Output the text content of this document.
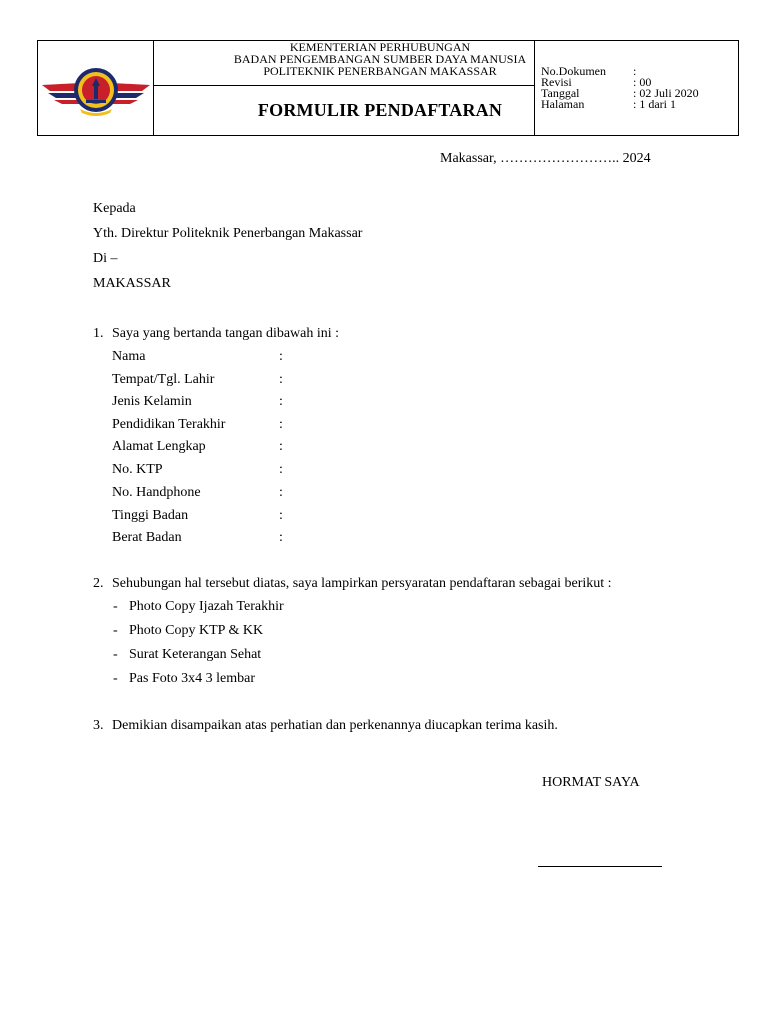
KEMENTERIAN PERHUBUNGAN
BADAN PENGEMBANGAN SUMBER DAYA MANUSIA
POLITEKNIK PENERBANGAN MAKASSAR
FORMULIR PENDAFTARAN
No.Dokumen	:
Revisi	: 00
Tanggal	: 02 Juli 2020
Halaman	: 1 dari 1
Makassar, …………………….. 2024
Kepada
Yth. Direktur Politeknik Penerbangan Makassar
Di –
MAKASSAR
1. Saya yang bertanda tangan dibawah ini :
Nama	:
Tempat/Tgl. Lahir	:
Jenis Kelamin	:
Pendidikan Terakhir	:
Alamat Lengkap	:
No. KTP	:
No. Handphone	:
Tinggi Badan	:
Berat Badan	:
2. Sehubungan hal tersebut diatas, saya lampirkan persyaratan pendaftaran sebagai berikut :
- Photo Copy Ijazah Terakhir
- Photo Copy KTP & KK
- Surat Keterangan Sehat
- Pas Foto 3x4 3 lembar
3. Demikian disampaikan atas perhatian dan perkenannya diucapkan terima kasih.
HORMAT SAYA
